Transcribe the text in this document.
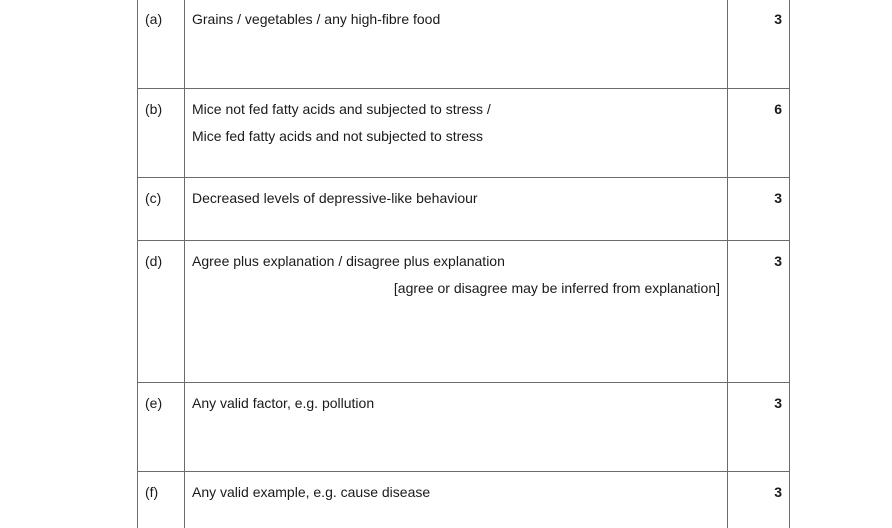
(a)	Grains / vegetables / any high-fibre food	3
(b)	Mice not fed fatty acids and subjected to stress /
Mice fed fatty acids and not subjected to stress	6
(c)	Decreased levels of depressive-like behaviour	3
(d)	Agree plus explanation / disagree plus explanation
[agree or disagree may be inferred from explanation]	3
(e)	Any valid factor, e.g. pollution	3
(f)	Any valid example, e.g. cause disease	3
